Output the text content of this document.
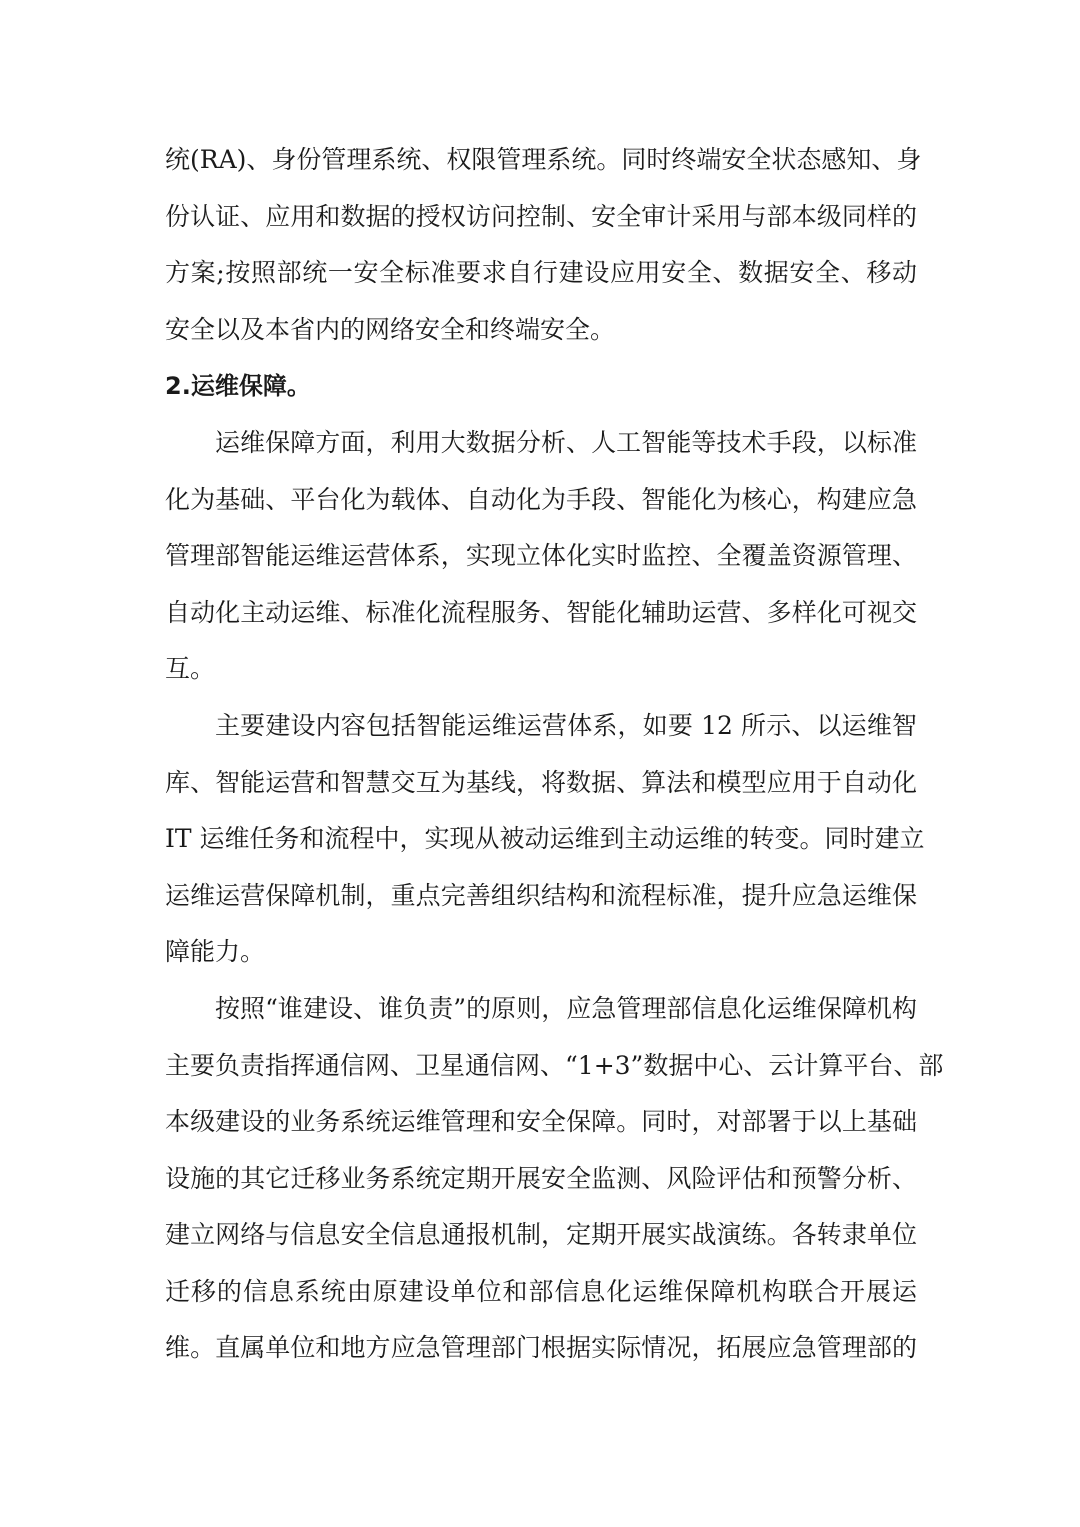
统(RA)、身份管理系统、权限管理系统。同时终端安全状态感知、身
份认证、应用和数据的授权访问控制、安全审计采用与部本级同样的
方案;按照部统一安全标准要求自行建设应用安全、数据安全、移动
安全以及本省内的网络安全和终端安全。
2.运维保障。
运维保障方面，利用大数据分析、人工智能等技术手段，以标准
化为基础、平台化为载体、自动化为手段、智能化为核心，构建应急
管理部智能运维运营体系，实现立体化实时监控、全覆盖资源管理、
自动化主动运维、标准化流程服务、智能化辅助运营、多样化可视交
互。
主要建设内容包括智能运维运营体系，如要 12 所示、以运维智
库、智能运营和智慧交互为基线，将数据、算法和模型应用于自动化
IT 运维任务和流程中，实现从被动运维到主动运维的转变。同时建立
运维运营保障机制，重点完善组织结构和流程标准，提升应急运维保
障能力。
按照“谁建设、谁负责”的原则，应急管理部信息化运维保障机构
主要负责指挥通信网、卫星通信网、“1+3”数据中心、云计算平台、部
本级建设的业务系统运维管理和安全保障。同时，对部署于以上基础
设施的其它迁移业务系统定期开展安全监测、风险评估和预警分析、
建立网络与信息安全信息通报机制，定期开展实战演练。各转隶单位
迁移的信息系统由原建设单位和部信息化运维保障机构联合开展运
维。直属单位和地方应急管理部门根据实际情况，拓展应急管理部的
